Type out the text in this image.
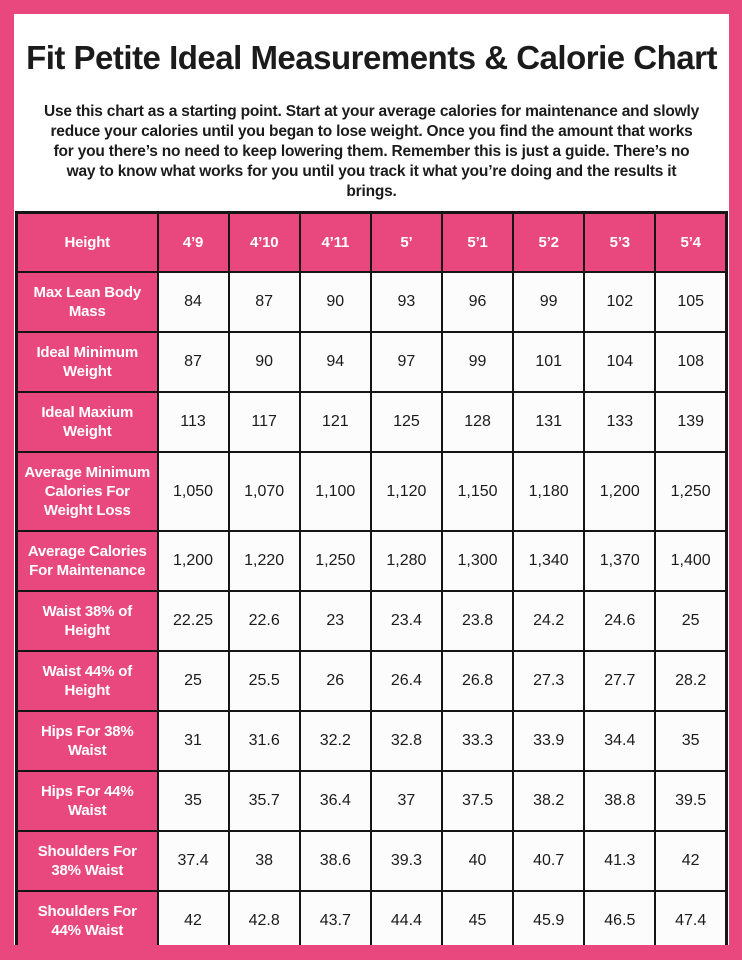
Fit Petite Ideal Measurements & Calorie Chart

Use this chart as a starting point. Start at your average calories for maintenance and slowly reduce your calories until you began to lose weight. Once you find the amount that works for you there’s no need to keep lowering them. Remember this is just a guide. There’s no way to know what works for you until you track it what you’re doing and the results it brings.

Height	4’9	4’10	4’11	5’	5’1	5’2	5’3	5’4
Max Lean Body Mass	84	87	90	93	96	99	102	105
Ideal Minimum Weight	87	90	94	97	99	101	104	108
Ideal Maxium Weight	113	117	121	125	128	131	133	139
Average Minimum Calories For Weight Loss	1,050	1,070	1,100	1,120	1,150	1,180	1,200	1,250
Average Calories For Maintenance	1,200	1,220	1,250	1,280	1,300	1,340	1,370	1,400
Waist 38% of Height	22.25	22.6	23	23.4	23.8	24.2	24.6	25
Waist 44% of Height	25	25.5	26	26.4	26.8	27.3	27.7	28.2
Hips For 38% Waist	31	31.6	32.2	32.8	33.3	33.9	34.4	35
Hips For 44% Waist	35	35.7	36.4	37	37.5	38.2	38.8	39.5
Shoulders For 38% Waist	37.4	38	38.6	39.3	40	40.7	41.3	42
Shoulders For 44% Waist	42	42.8	43.7	44.4	45	45.9	46.5	47.4
